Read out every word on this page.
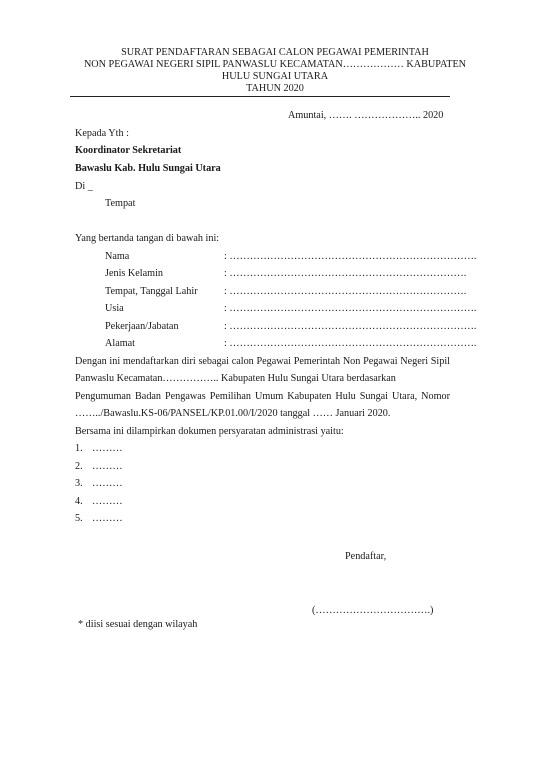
SURAT PENDAFTARAN SEBAGAI CALON PEGAWAI PEMERINTAH
NON PEGAWAI NEGERI SIPIL PANWASLU KECAMATAN……………… KABUPATEN
HULU SUNGAI UTARA
TAHUN 2020
Amuntai, ……. ……………….. 2020
Kepada Yth :
Koordinator Sekretariat
Bawaslu Kab. Hulu Sungai Utara
Di _
Tempat
Yang bertanda tangan di bawah ini:
Nama	: ……………………………………………………………….
Jenis Kelamin	: …………………………………………………………….
Tempat, Tanggal Lahir	: …………………………………………………………….
Usia	: ……………………………………………………………….
Pekerjaan/Jabatan	: ……………………………………………………………….
Alamat	: ……………………………………………………………….
Dengan ini mendaftarkan diri sebagai calon Pegawai Pemerintah Non Pegawai Negeri Sipil
Panwaslu Kecamatan…………….. Kabupaten Hulu Sungai Utara berdasarkan
Pengumuman Badan Pengawas Pemilihan Umum Kabupaten Hulu Sungai Utara, Nomor
……../Bawaslu.KS-06/PANSEL/KP.01.00/I/2020 tanggal …… Januari 2020.
Bersama ini dilampirkan dokumen persyaratan administrasi yaitu:
1. ………
2. ………
3. ………
4. ………
5. ………
Pendaftar,
(…………………………….)
* diisi sesuai dengan wilayah
